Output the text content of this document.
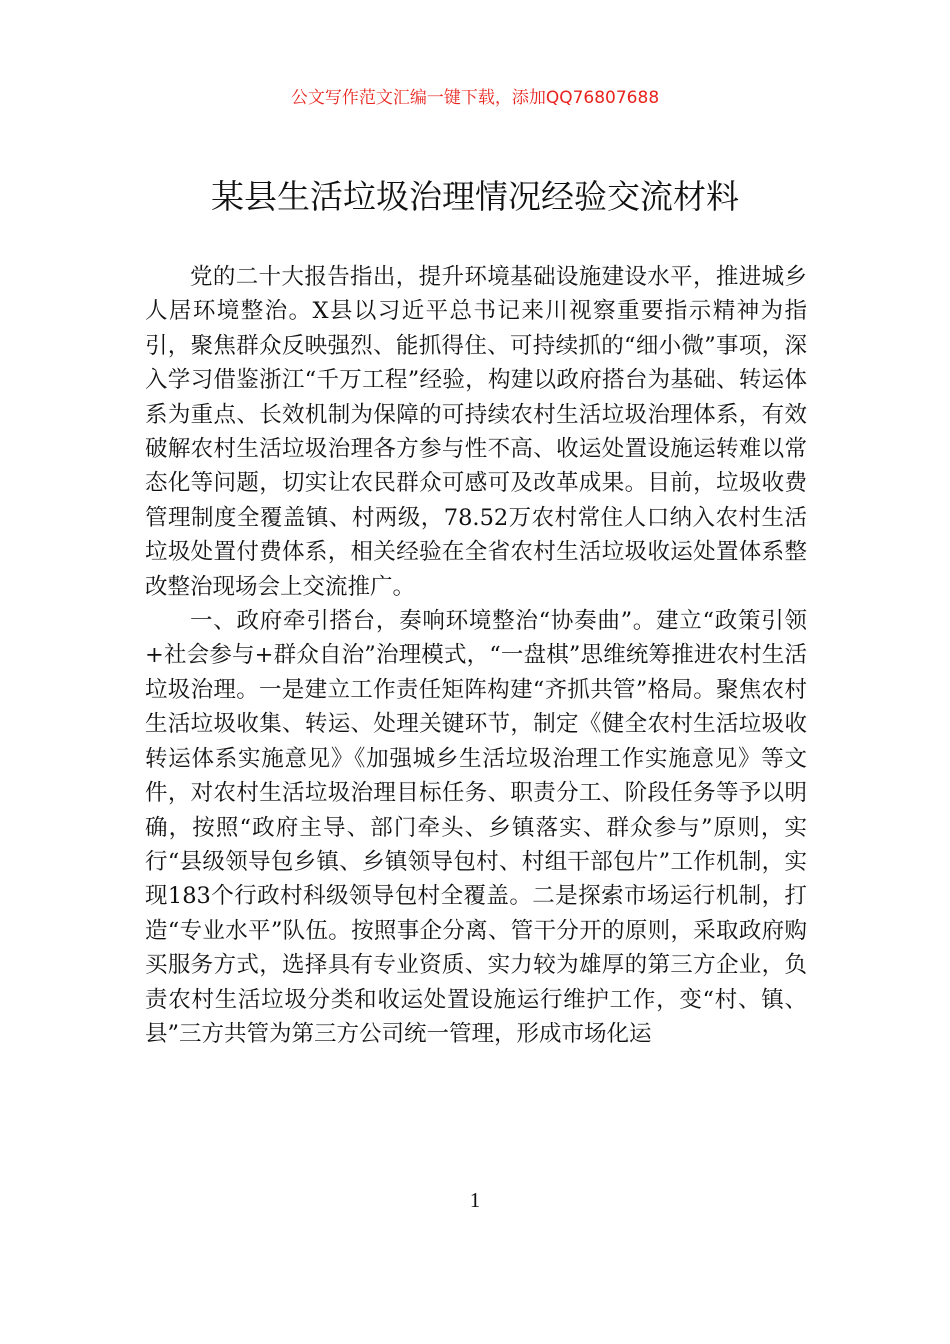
公文写作范文汇编一键下载，添加QQ76807688
某县生活垃圾治理情况经验交流材料

党的二十大报告指出，提升环境基础设施建设水平，推进城乡人居环境整治。X县以习近平总书记来川视察重要指示精神为指引，聚焦群众反映强烈、能抓得住、可持续抓的“细小微”事项，深入学习借鉴浙江“千万工程”经验，构建以政府搭台为基础、转运体系为重点、长效机制为保障的可持续农村生活垃圾治理体系，有效破解农村生活垃圾治理各方参与性不高、收运处置设施运转难以常态化等问题，切实让农民群众可感可及改革成果。目前，垃圾收费管理制度全覆盖镇、村两级，78.52万农村常住人口纳入农村生活垃圾处置付费体系，相关经验在全省农村生活垃圾收运处置体系整改整治现场会上交流推广。

一、政府牵引搭台，奏响环境整治“协奏曲”。建立“政策引领+社会参与+群众自治”治理模式，“一盘棋”思维统筹推进农村生活垃圾治理。一是建立工作责任矩阵构建“齐抓共管”格局。聚焦农村生活垃圾收集、转运、处理关键环节，制定《健全农村生活垃圾收转运体系实施意见》《加强城乡生活垃圾治理工作实施意见》等文件，对农村生活垃圾治理目标任务、职责分工、阶段任务等予以明确，按照“政府主导、部门牵头、乡镇落实、群众参与”原则，实行“县级领导包乡镇、乡镇领导包村、村组干部包片”工作机制，实现183个行政村科级领导包村全覆盖。二是探索市场运行机制，打造“专业水平”队伍。按照事企分离、管干分开的原则，采取政府购买服务方式，选择具有专业资质、实力较为雄厚的第三方企业，负责农村生活垃圾分类和收运处置设施运行维护工作，变“村、镇、县”三方共管为第三方公司统一管理，形成市场化运

1
